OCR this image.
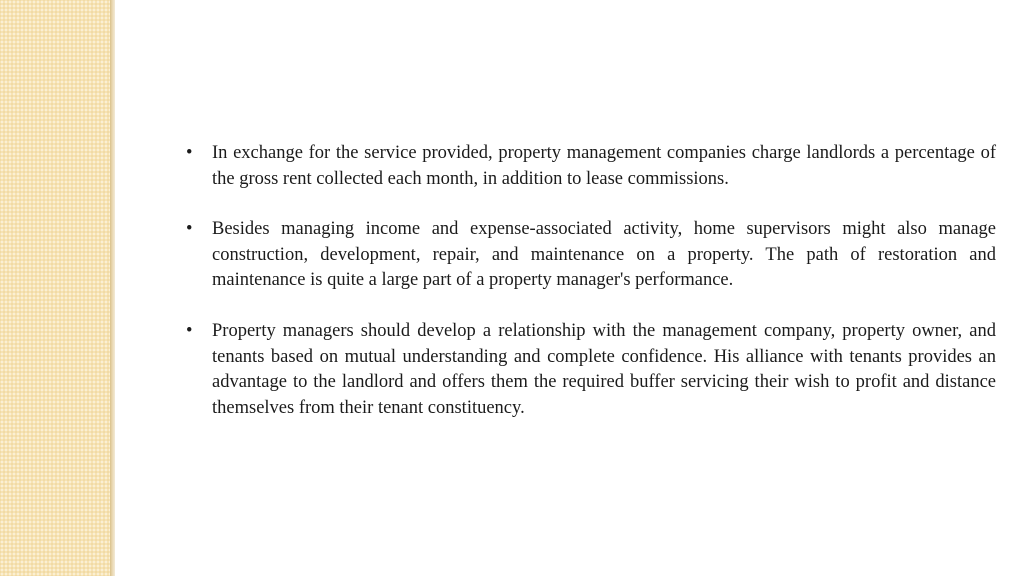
• In exchange for the service provided, property management companies charge landlords a percentage of the gross rent collected each month, in addition to lease commissions.
• Besides managing income and expense-associated activity, home supervisors might also manage construction, development, repair, and maintenance on a property. The path of restoration and maintenance is quite a large part of a property manager's performance.
• Property managers should develop a relationship with the management company, property owner, and tenants based on mutual understanding and complete confidence. His alliance with tenants provides an advantage to the landlord and offers them the required buffer servicing their wish to profit and distance themselves from their tenant constituency.
